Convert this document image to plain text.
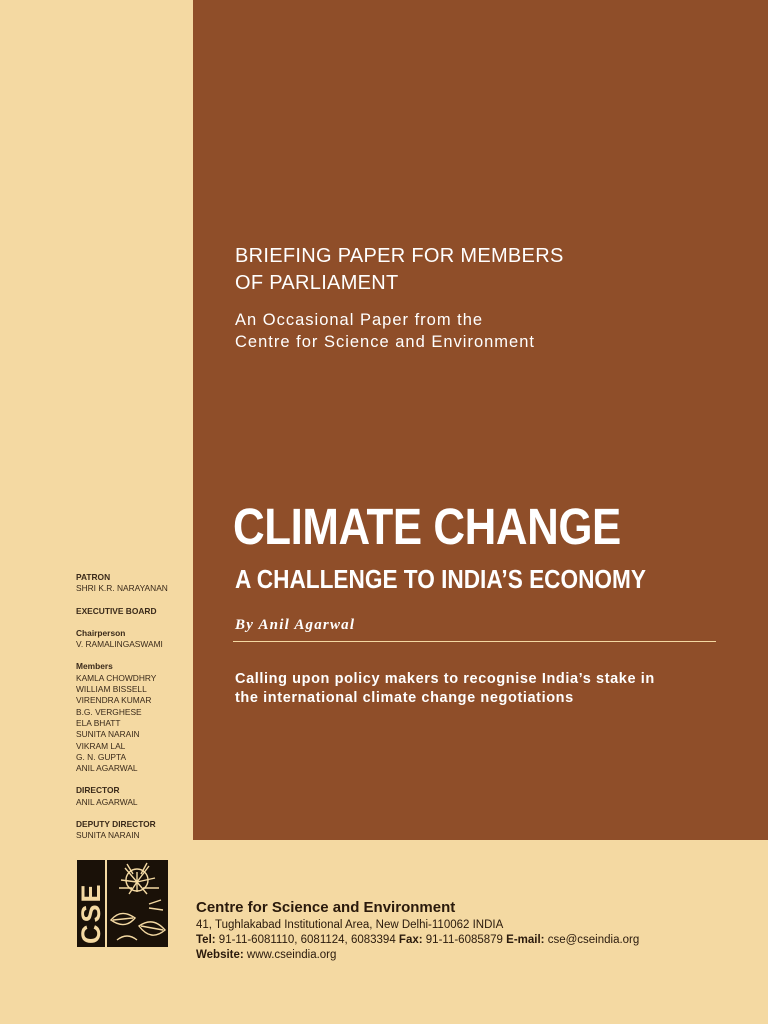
BRIEFING PAPER FOR MEMBERS
OF PARLIAMENT
An Occasional Paper from the
Centre for Science and Environment
CLIMATE CHANGE
A CHALLENGE TO INDIA’S ECONOMY
By Anil Agarwal
Calling upon policy makers to recognise India’s stake in
the international climate change negotiations
PATRON
SHRI K.R. NARAYANAN
EXECUTIVE BOARD
Chairperson
V. RAMALINGASWAMI
Members
KAMLA CHOWDHRY
WILLIAM BISSELL
VIRENDRA KUMAR
B.G. VERGHESE
ELA BHATT
SUNITA NARAIN
VIKRAM LAL
G. N. GUPTA
ANIL AGARWAL
DIRECTOR
ANIL AGARWAL
DEPUTY DIRECTOR
SUNITA NARAIN
CSE	Centre for Science and Environment
41, Tughlakabad Institutional Area, New Delhi-110062 INDIA
Tel: 91-11-6081110, 6081124, 6083394 Fax: 91-11-6085879 E-mail: cse@cseindia.org
Website: www.cseindia.org
